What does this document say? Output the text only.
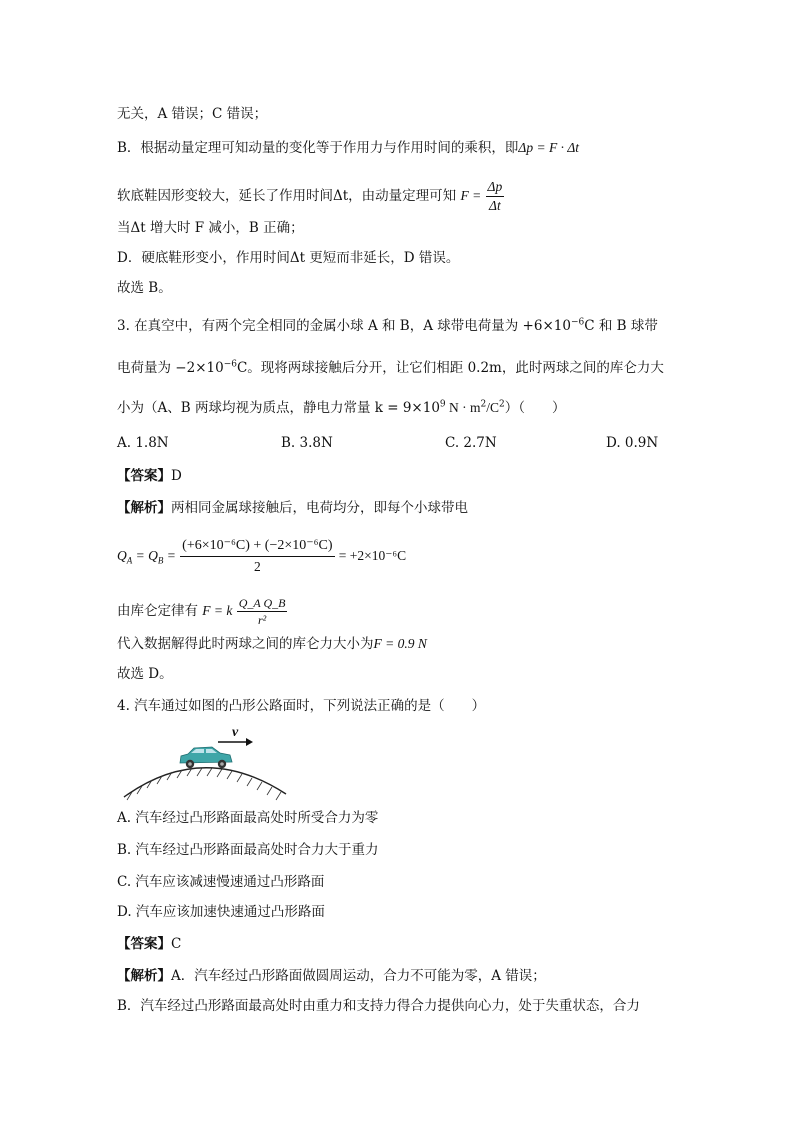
无关，A 错误；C 错误；
B．根据动量定理可知动量的变化等于作用力与作用时间的乘积，即Δp = F · Δt
软底鞋因形变较大，延长了作用时间Δt，由动量定理可知 $F = \frac{\Delta p}{\Delta t}$
当Δt 增大时 F 减小，B 正确；
D．硬底鞋形变小，作用时间Δt 更短而非延长，D 错误。
故选 B。
3. 在真空中，有两个完全相同的金属小球 A 和 B，A 球带电荷量为 $+6\times 10^{-6}C$ 和 B 球带
电荷量为 $-2\times 10^{-6}C$。现将两球接触后分开，让它们相距 0.2m，此时两球之间的库仑力大
小为（A、B 两球均视为质点，静电力常量 $k = 9\times 10^9$ $N \cdot m^2/C^2$）（　　）
A. 1.8N	B. 3.8N	C. 2.7N	D. 0.9N
【答案】D
【解析】两相同金属球接触后，电荷均分，即每个小球带电
$Q_A = Q_B = \frac{\text{(+6×10⁻⁶C) + (−2×10⁻⁶C)}}{2} = +2\times 10^{-6}C$
由库仑定律有 F = k $\frac{\text{Q\_A Q\_B}}{\text{r²}}$
代入数据解得此时两球之间的库仑力大小为F = 0.9 N
故选 D。
4. 汽车通过如图的凸形公路面时，下列说法正确的是（　　）
v
A. 汽车经过凸形路面最高处时所受合力为零
B. 汽车经过凸形路面最高处时合力大于重力
C. 汽车应该减速慢速通过凸形路面
D. 汽车应该加速快速通过凸形路面
【答案】C
【解析】A．汽车经过凸形路面做圆周运动，合力不可能为零，A 错误；
B．汽车经过凸形路面最高处时由重力和支持力得合力提供向心力，处于失重状态，合力
